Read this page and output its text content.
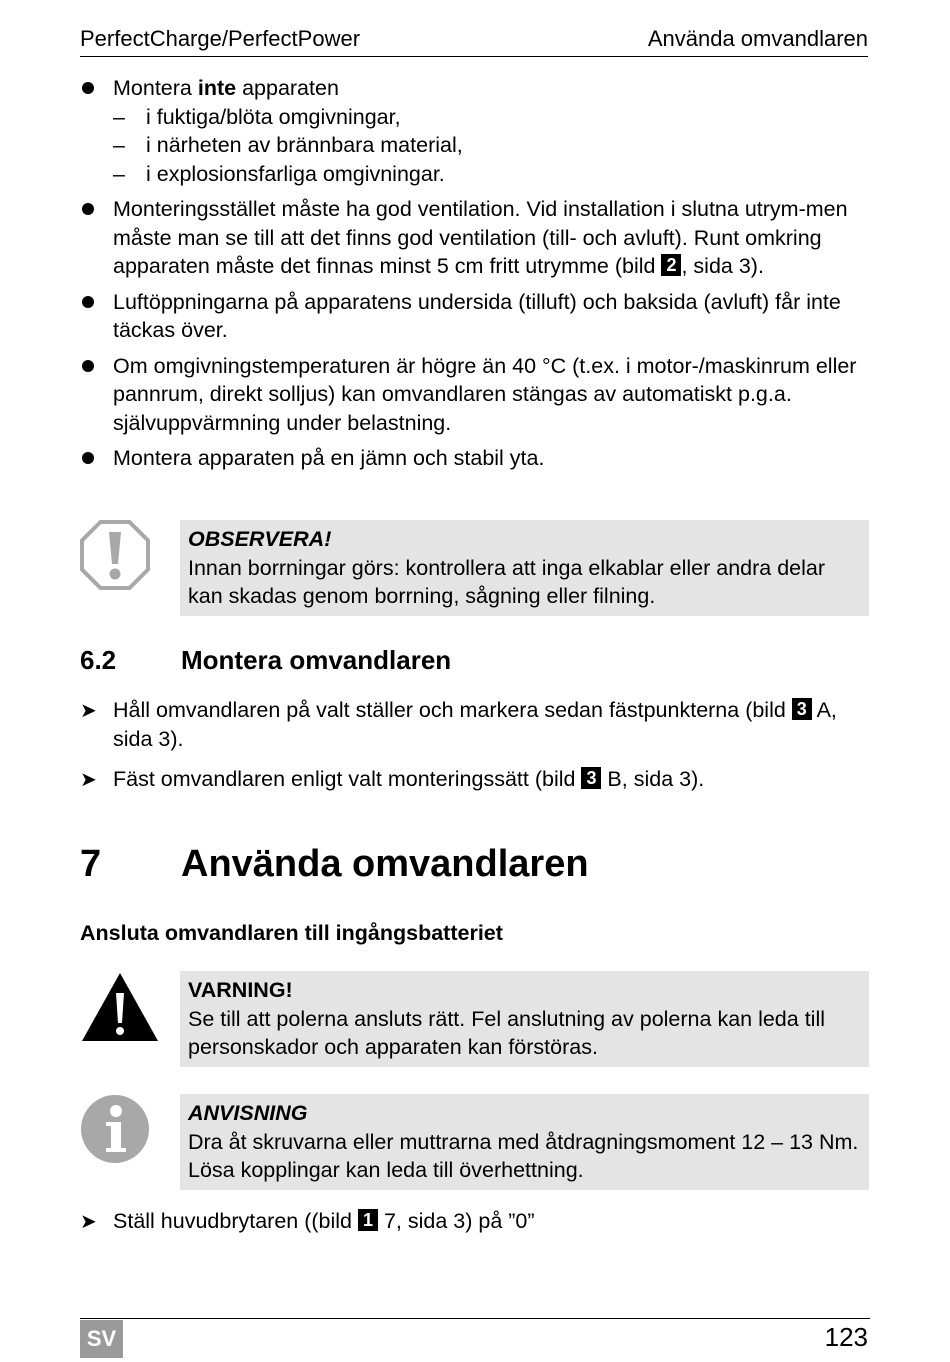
PerfectCharge/PerfectPower	Använda omvandlaren
Montera inte apparaten
– i fuktiga/blöta omgivningar,
– i närheten av brännbara material,
– i explosionsfarliga omgivningar.
Monteringsstället måste ha god ventilation. Vid installation i slutna utrym-men måste man se till att det finns god ventilation (till- och avluft). Runt omkring apparaten måste det finnas minst 5 cm fritt utrymme (bild 2 , sida 3).
Luftöppningarna på apparatens undersida (tilluft) och baksida (avluft) får inte täckas över.
Om omgivningstemperaturen är högre än 40 °C (t.ex. i motor-/maskinrum eller pannrum, direkt solljus) kan omvandlaren stängas av automatiskt p.g.a. självuppvärmning under belastning.
Montera apparaten på en jämn och stabil yta.
OBSERVERA!
Innan borrningar görs: kontrollera att inga elkablar eller andra delar kan skadas genom borrning, sågning eller filning.
6.2 Montera omvandlaren
➤ Håll omvandlaren på valt ställer och markera sedan fästpunkterna (bild 3 A, sida 3).
➤ Fäst omvandlaren enligt valt monteringssätt (bild 3 B, sida 3).
7 Använda omvandlaren
Ansluta omvandlaren till ingångsbatteriet
VARNING!
Se till att polerna ansluts rätt. Fel anslutning av polerna kan leda till personskador och apparaten kan förstöras.
ANVISNING
Dra åt skruvarna eller muttrarna med åtdragningsmoment 12 – 13 Nm. Lösa kopplingar kan leda till överhettning.
➤ Ställ huvudbrytaren ((bild 1 7, sida 3) på ”0”
SV	123
